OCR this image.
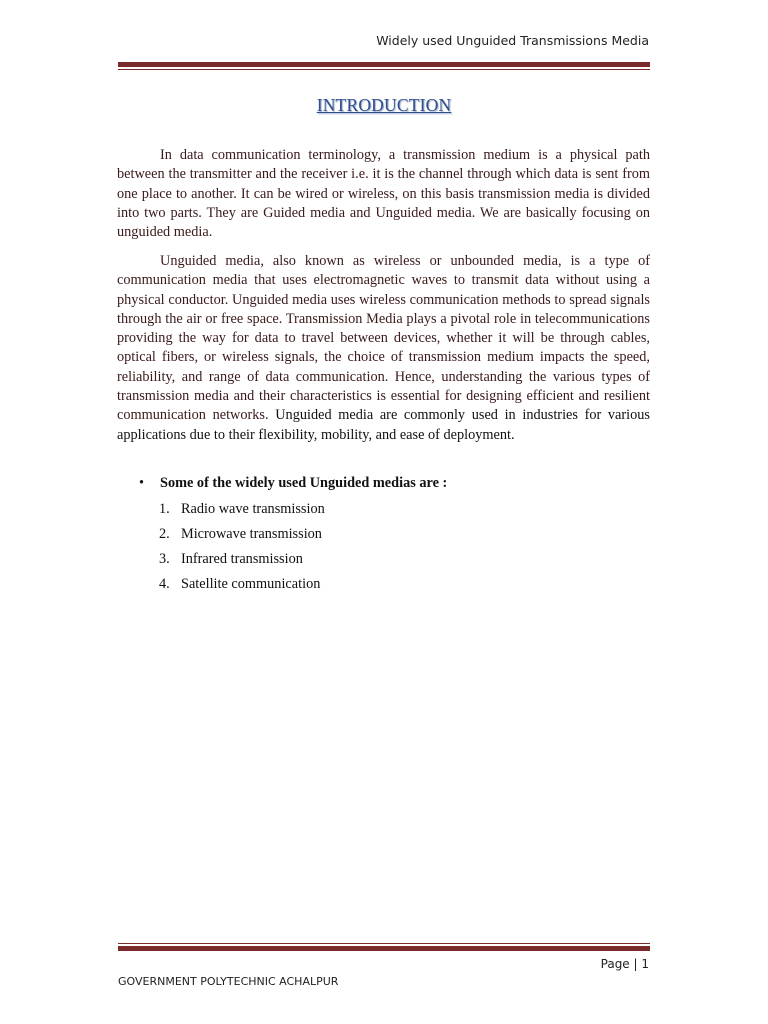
Widely used Unguided Transmissions Media
INTRODUCTION

In data communication terminology, a transmission medium is a physical path between the transmitter and the receiver i.e. it is the channel through which data is sent from one place to another. It can be wired or wireless, on this basis transmission media is divided into two parts. They are Guided media and Unguided media. We are basically focusing on unguided media.

Unguided media, also known as wireless or unbounded media, is a type of communication media that uses electromagnetic waves to transmit data without using a physical conductor. Unguided media uses wireless communication methods to spread signals through the air or free space. Transmission Media plays a pivotal role in telecommunications providing the way for data to travel between devices, whether it will be through cables, optical fibers, or wireless signals, the choice of transmission medium impacts the speed, reliability, and range of data communication. Hence, understanding the various types of transmission media and their characteristics is essential for designing efficient and resilient communication networks. Unguided media are commonly used in industries for various applications due to their flexibility, mobility, and ease of deployment.

• Some of the widely used Unguided medias are :
1. Radio wave transmission
2. Microwave transmission
3. Infrared transmission
4. Satellite communication
Page | 1
GOVERNMENT POLYTECHNIC ACHALPUR
